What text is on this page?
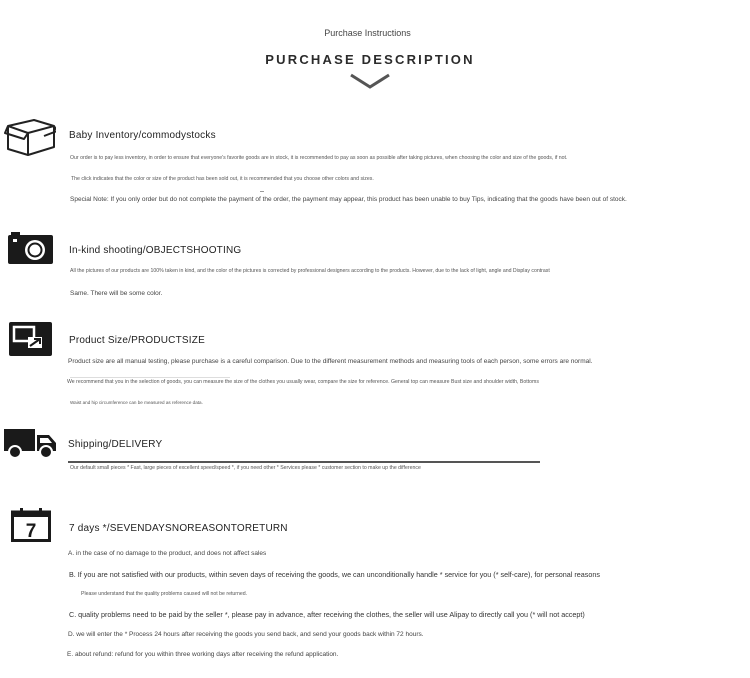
Purchase Instructions
PURCHASE DESCRIPTION
Baby Inventory/commodystocks
Our order is to pay less inventory, in order to ensure that everyone's favorite goods are in stock, it is recommended to pay as soon as possible after taking pictures, when choosing the color and size of the goods, if not.
The click indicates that the color or size of the product has been sold out, it is recommended that you choose other colors and sizes.
Special Note: If you only order but do not complete the payment of the order, the payment may appear, this product has been unable to buy Tips, indicating that the goods have been out of stock.
In-kind shooting/OBJECTSHOOTING
All the pictures of our products are 100% taken in kind, and the color of the pictures is corrected by professional designers according to the products. However, due to the lack of light, angle and Display contrast
Same. There will be some color.
Product Size/PRODUCTSIZE
Product size are all manual testing, please purchase is a careful comparison. Due to the different measurement methods and measuring tools of each person, some errors are normal.
We recommend that you in the selection of goods, you can measure the size of the clothes you usually wear, compare the size for reference. General top can measure Bust size and shoulder width, Bottoms
Waist and hip circumference can be measured as reference data.
Shipping/DELIVERY
Our default small pieces * Fast, large pieces of excellent speed/speed *, if you need other * Services please * customer section to make up the difference
7	7 days */SEVENDAYSNOREASONTORETURN
A. in the case of no damage to the product, and does not affect sales
B. If you are not satisfied with our products, within seven days of receiving the goods, we can unconditionally handle * service for you (* self-care), for personal reasons
Please understand that the quality problems caused will not be returned.
C. quality problems need to be paid by the seller *, please pay in advance, after receiving the clothes, the seller will use Alipay to directly call you (* will not accept)
D. we will enter the * Process 24 hours after receiving the goods you send back, and send your goods back within 72 hours.
E. about refund: refund for you within three working days after receiving the refund application.
